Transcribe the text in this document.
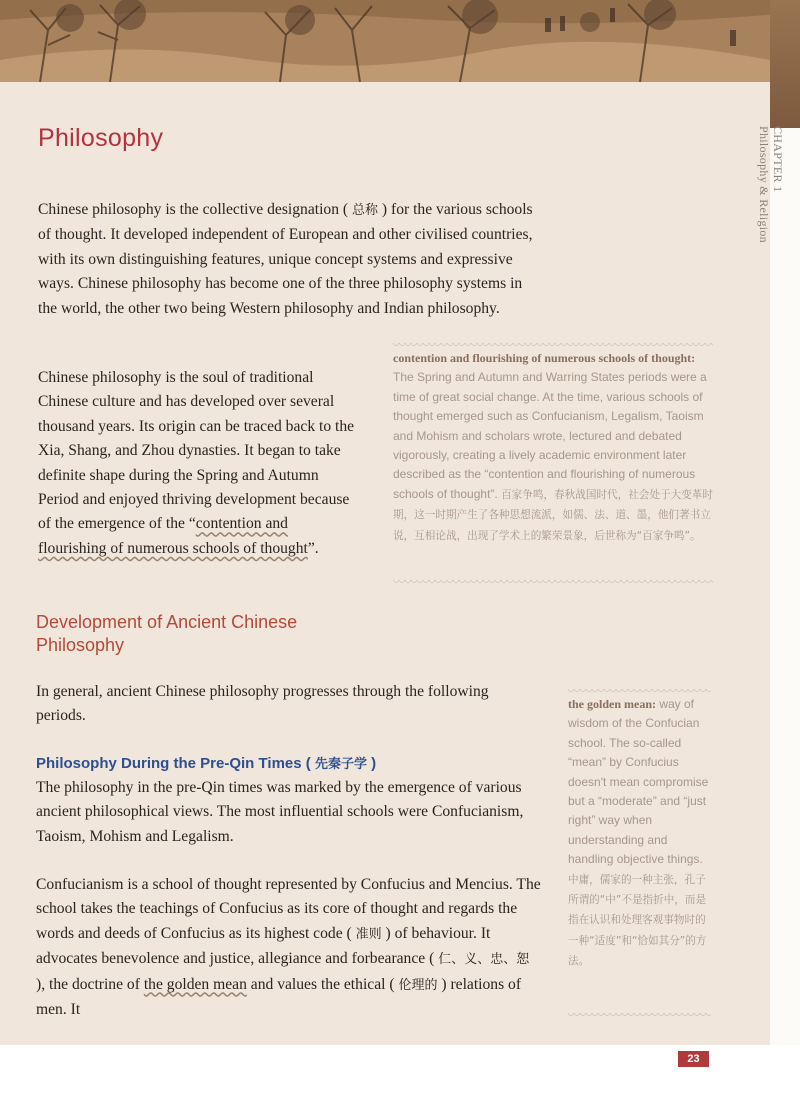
CHAPTER 1
Philosophy & Religion
Philosophy

Chinese philosophy is the collective designation ( 总称 ) for the various schools of thought. It developed independent of European and other civilised countries, with its own distinguishing features, unique concept systems and expressive ways. Chinese philosophy has become one of the three philosophy systems in the world, the other two being Western philosophy and Indian philosophy.

Chinese philosophy is the soul of traditional Chinese culture and has developed over several thousand years. Its origin can be traced back to the Xia, Shang, and Zhou dynasties. It began to take definite shape during the Spring and Autumn Period and enjoyed thriving development because of the emergence of the “contention and flourishing of numerous schools of thought”.

contention and flourishing of numerous schools of thought: The Spring and Autumn and Warring States periods were a time of great social change. At the time, various schools of thought emerged such as Confucianism, Legalism, Taoism and Mohism and scholars wrote, lectured and debated vigorously, creating a lively academic environment later described as the “contention and flourishing of numerous schools of thought”. 百家争鸣，春秋战国时代，社会处于大变革时期，这一时期产生了各种思想流派，如儒、法、道、墨，他们著书立说，互相论战，出现了学术上的繁荣景象，后世称为“百家争鸣”。
Development of Ancient Chinese Philosophy

In general, ancient Chinese philosophy progresses through the following periods.

Philosophy During the Pre-Qin Times ( 先秦子学 )

The philosophy in the pre-Qin times was marked by the emergence of various ancient philosophical views. The most influential schools were Confucianism, Taoism, Mohism and Legalism.

Confucianism is a school of thought represented by Confucius and Mencius. The school takes the teachings of Confucius as its core of thought and regards the words and deeds of Confucius as its highest code ( 准则 ) of behaviour. It advocates benevolence and justice, allegiance and forbearance ( 仁、义、忠、恕 ), the doctrine of the golden mean and values the ethical ( 伦理的 ) relations of men. It

the golden mean: way of wisdom of the Confucian school. The so-called “mean” by Confucius doesn't mean compromise but a “moderate” and “just right” way when understanding and handling objective things. 中庸，儒家的一种主张，孔子所谓的“中”不是指折中，而是指在认识和处理客观事物时的一种“适度”和“恰如其分”的方法。
23
